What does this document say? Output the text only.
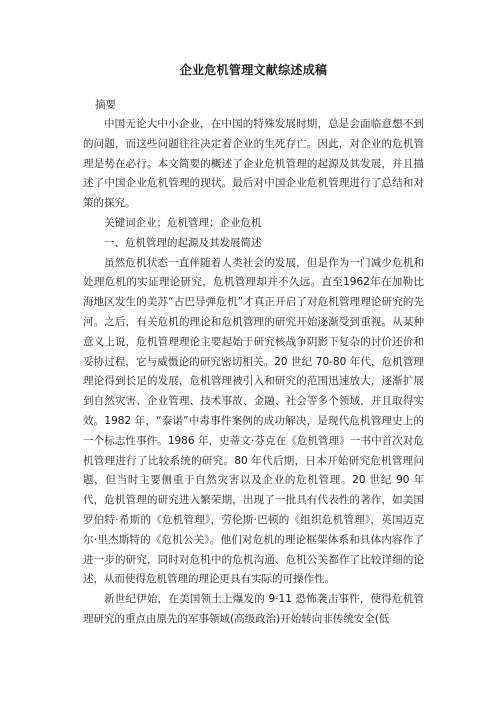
企业危机管理文献综述成稿

摘要

中国无论大中小企业，在中国的特殊发展时期，总是会面临意想不到的问题，而这些问题往往决定着企业的生死存亡。因此，对企业的危机管理是势在必行。本文简要的概述了企业危机管理的起源及其发展，并且描述了中国企业危机管理的现状。最后对中国企业危机管理进行了总结和对策的探究。

关键词企业；危机管理；企业危机

一、危机管理的起源及其发展简述

虽然危机状态一直伴随着人类社会的发展，但是作为一门减少危机和处理危机的实证理论研究，危机管理却并不久远。直至1962年在加勒比海地区发生的美苏“古巴导弹危机”才真正开启了对危机管理理论研究的先河。之后，有关危机的理论和危机管理的研究开始逐渐受到重视。从某种意义上说，危机管理理论主要起始于研究核战争阴影下复杂的讨价还价和妥协过程，它与威慑论的研究密切相关。20 世纪 70-80 年代，危机管理理论得到长足的发展，危机管理被引入和研究的范围迅速放大，逐渐扩展到自然灾害、企业管理、技术事故、金融、社会等多个领域，并且取得实效。1982 年，“泰诺”中毒事件案例的成功解决，是现代危机管理史上的一个标志性事件。1986 年，史蒂文·芬克在《危机管理》一书中首次对危机管理进行了比较系统的研究。80 年代后期，日本开始研究危机管理问题，但当时主要侧重于自然灾害以及企业的危机管理。20 世纪 90 年代，危机管理的研究进入繁荣期，出现了一批具有代表性的著作，如美国罗伯特·希斯的《危机管理》，劳伦斯·巴顿的《组织危机管理》，英国迈克尔·里杰斯特的《危机公关》。他们对危机的理论框架体系和具体内容作了进一步的研究，同时对危机中的危机沟通、危机公关都作了比较详细的论述，从而使得危机管理的理论更具有实际的可操作性。

新世纪伊始，在美国领土上爆发的 9·11 恐怖袭击事件，使得危机管理研究的重点由原先的军事领域(高级政治)开始转向非传统安全(低
